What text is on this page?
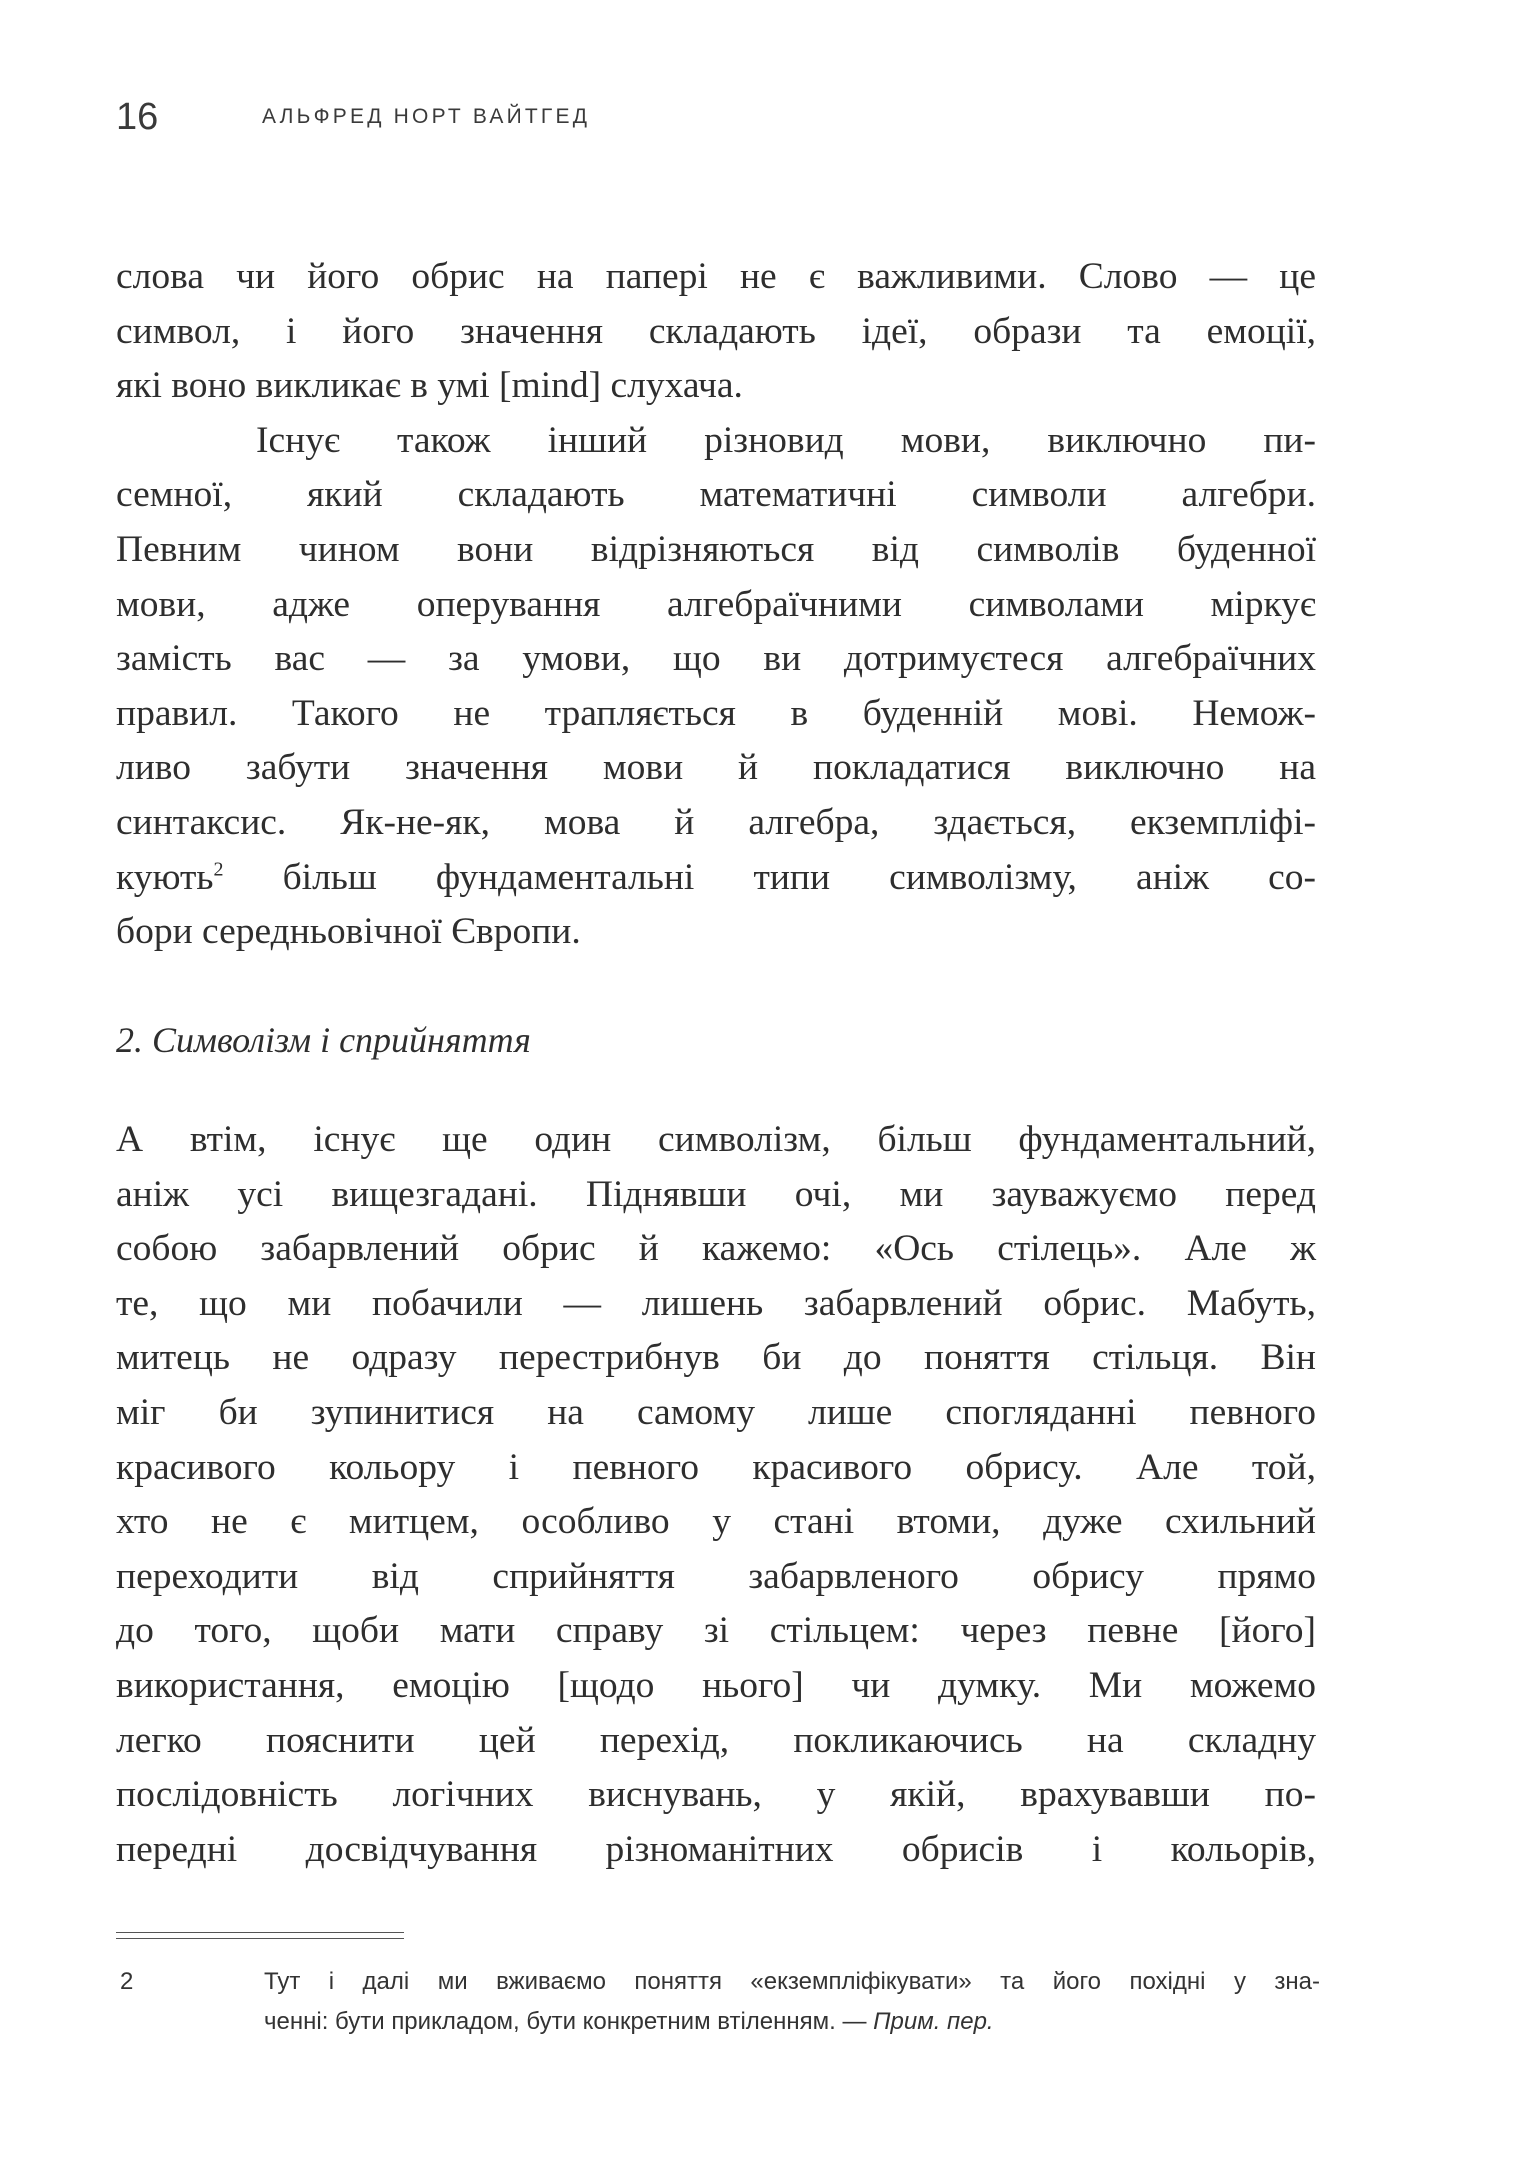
16	АЛЬФРЕД НОРТ ВАЙТГЕД
слова чи його обрис на папері не є важливими. Слово — це
символ, і його значення складають ідеї, образи та емоції,
які воно викликає в умі [mind] слухача.
Існує також інший різновид мови, виключно пи-
семної, який складають математичні символи алгебри.
Певним чином вони відрізняються від символів буденної
мови, адже оперування алгебраїчними символами міркує
замість вас — за умови, що ви дотримуєтеся алгебраїчних
правил. Такого не трапляється в буденній мові. Немож-
ливо забути значення мови й покладатися виключно на
синтаксис. Як-не-як, мова й алгебра, здається, екземпліфі-
кують$^2$ більш фундаментальні типи символізму, аніж со-
бори середньовічної Європи.
2. Символізм і сприйняття
А втім, існує ще один символізм, більш фундаментальний,
аніж усі вищезгадані. Піднявши очі, ми зауважуємо перед
собою забарвлений обрис й кажемо: «Ось стілець». Але ж
те, що ми побачили — лишень забарвлений обрис. Мабуть,
митець не одразу перестрибнув би до поняття стільця. Він
міг би зупинитися на самому лише спогляданні певного
красивого кольору і певного красивого обрису. Але той,
хто не є митцем, особливо у стані втоми, дуже схильний
переходити від сприйняття забарвленого обрису прямо
до того, щоби мати справу зі стільцем: через певне [його]
використання, емоцію [щодо нього] чи думку. Ми можемо
легко пояснити цей перехід, покликаючись на складну
послідовність логічних виснувань, у якій, врахувавши по-
передні досвідчування різноманітних обрисів і кольорів,
2	Тут і далі ми вживаємо поняття «екземпліфікувати» та його похідні у зна-
ченні: бути прикладом, бути конкретним втіленням. — Прим. пер.
